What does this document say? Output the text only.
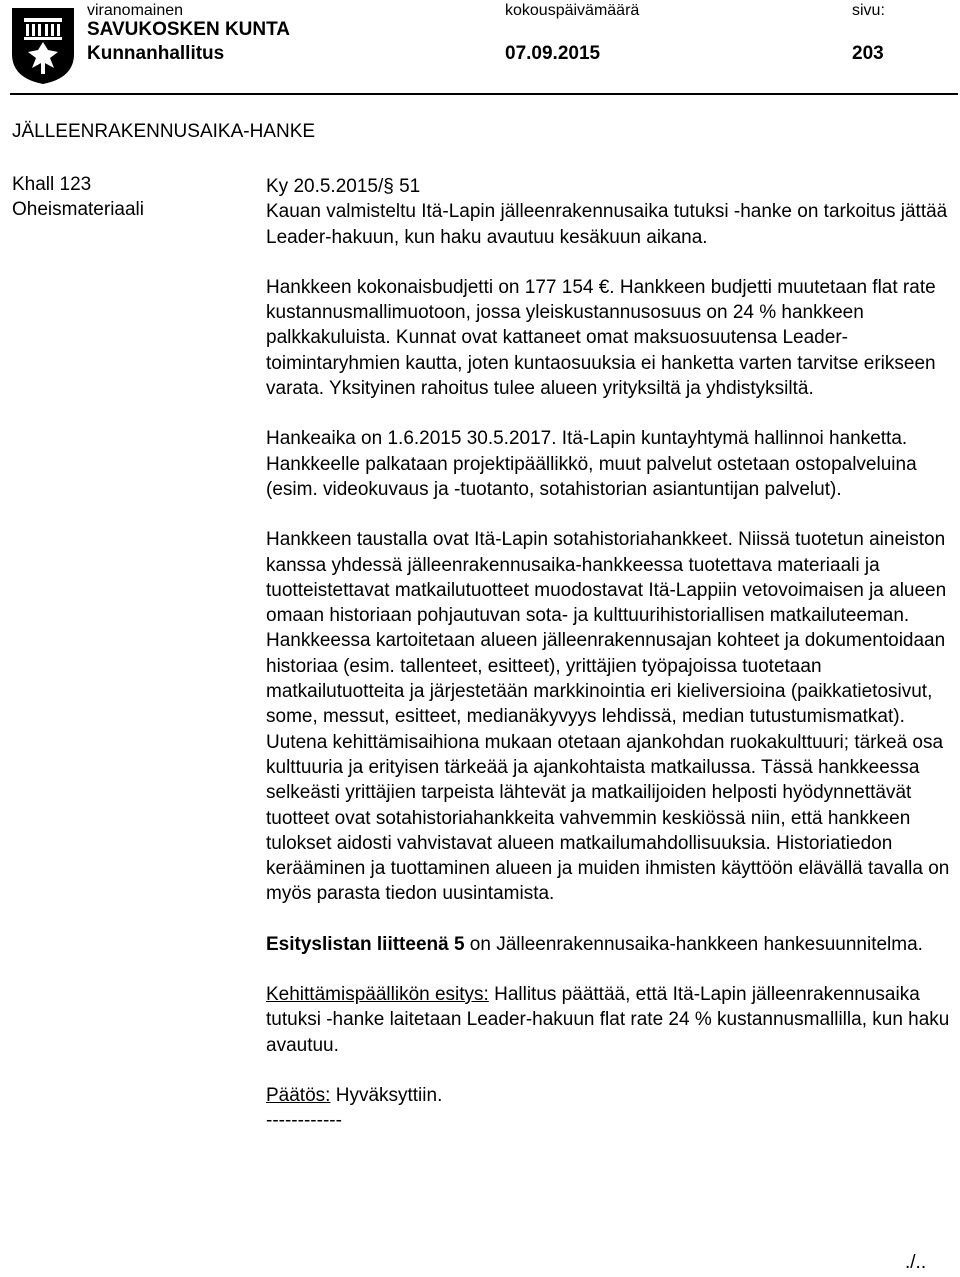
viranomainen	kokouspäivämäärä	sivu:
SAVUKOSKEN KUNTA
Kunnanhallitus	07.09.2015	203
JÄLLEENRAKENNUSAIKA-HANKE
Khall 123
Oheismateriaali

Ky 20.5.2015/§ 51

Kauan valmisteltu Itä-Lapin jälleenrakennusaika tutuksi -hanke on tarkoitus jättää Leader-hakuun, kun haku avautuu kesäkuun aikana.

Hankkeen kokonaisbudjetti on 177 154 €. Hankkeen budjetti muutetaan flat rate kustannusmallimuotoon, jossa yleiskustannusosuus on 24 % hankkeen palkkakuluista. Kunnat ovat kattaneet omat maksuosuutensa Leader-toimintaryhmien kautta, joten kuntaosuuksia ei hanketta varten tarvitse erikseen varata. Yksityinen rahoitus tulee alueen yrityksiltä ja yhdistyksiltä.

Hankeaika on 1.6.2015 30.5.2017. Itä-Lapin kuntayhtymä hallinnoi hanketta. Hankkeelle palkataan projektipäällikkö, muut palvelut ostetaan ostopalveluina (esim. videokuvaus ja -tuotanto, sotahistorian asiantuntijan palvelut).

Hankkeen taustalla ovat Itä-Lapin sotahistoriahankkeet. Niissä tuotetun aineiston kanssa yhdessä jälleenrakennusaika-hankkeessa tuotettava materiaali ja tuotteistettavat matkailutuotteet muodostavat Itä-Lappiin vetovoimaisen ja alueen omaan historiaan pohjautuvan sota- ja kulttuurihistoriallisen matkailuteeman. Hankkeessa kartoitetaan alueen jälleenrakennusajan kohteet ja dokumentoidaan historiaa (esim. tallenteet, esitteet), yrittäjien työpajoissa tuotetaan matkailutuotteita ja järjestetään markkinointia eri kieliversioina (paikkatietosivut, some, messut, esitteet, medianäkyvyys lehdissä, median tutustumismatkat). Uutena kehittämisaihiona mukaan otetaan ajankohdan ruokakulttuuri; tärkeä osa kulttuuria ja erityisen tärkeää ja ajankohtaista matkailussa. Tässä hankkeessa selkeästi yrittäjien tarpeista lähtevät ja matkailijoiden helposti hyödynnettävät tuotteet ovat sotahistoriahankkeita vahvemmin keskiössä niin, että hankkeen tulokset aidosti vahvistavat alueen matkailumahdollisuuksia. Historiatiedon kerääminen ja tuottaminen alueen ja muiden ihmisten käyttöön elävällä tavalla on myös parasta tiedon uusintamista.

Esityslistan liitteenä 5 on Jälleenrakennusaika-hankkeen hankesuunnitelma.

Kehittämispäällikön esitys: Hallitus päättää, että Itä-Lapin jälleenrakennusaika tutuksi -hanke laitetaan Leader-hakuun flat rate 24 % kustannusmallilla, kun haku avautuu.

Päätös: Hyväksyttiin.

------------

./..
